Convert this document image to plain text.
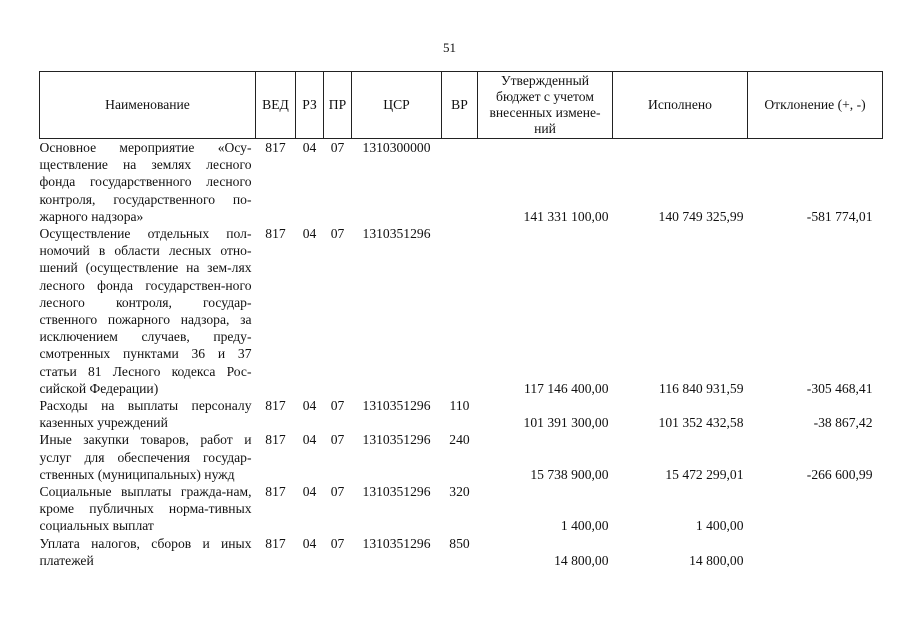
51
Наименование	ВЕД	РЗ	ПР	ЦСР	ВР	Утвержденный бюджет с учетом внесенных измене-ний	Исполнено	Отклонение (+, -)
Основное мероприятие «Осу-ществление на землях лесного фонда государственного лесного контроля, государственного по-жарного надзора»	817	04	07	1310300000		141 331 100,00	140 749 325,99	-581 774,01
Осуществление отдельных пол-номочий в области лесных отно-шений (осуществление на зем-лях лесного фонда государствен-ного лесного контроля, государ-ственного пожарного надзора, за исключением случаев, преду-смотренных пунктами 36 и 37 статьи 81 Лесного кодекса Рос-сийской Федерации)	817	04	07	1310351296		117 146 400,00	116 840 931,59	-305 468,41
Расходы на выплаты персоналу казенных учреждений	817	04	07	1310351296	110	101 391 300,00	101 352 432,58	-38 867,42
Иные закупки товаров, работ и услуг для обеспечения государ-ственных (муниципальных) нужд	817	04	07	1310351296	240	15 738 900,00	15 472 299,01	-266 600,99
Социальные выплаты гражда-нам, кроме публичных норма-тивных социальных выплат	817	04	07	1310351296	320	1 400,00	1 400,00	
Уплата налогов, сборов и иных платежей	817	04	07	1310351296	850	14 800,00	14 800,00	
